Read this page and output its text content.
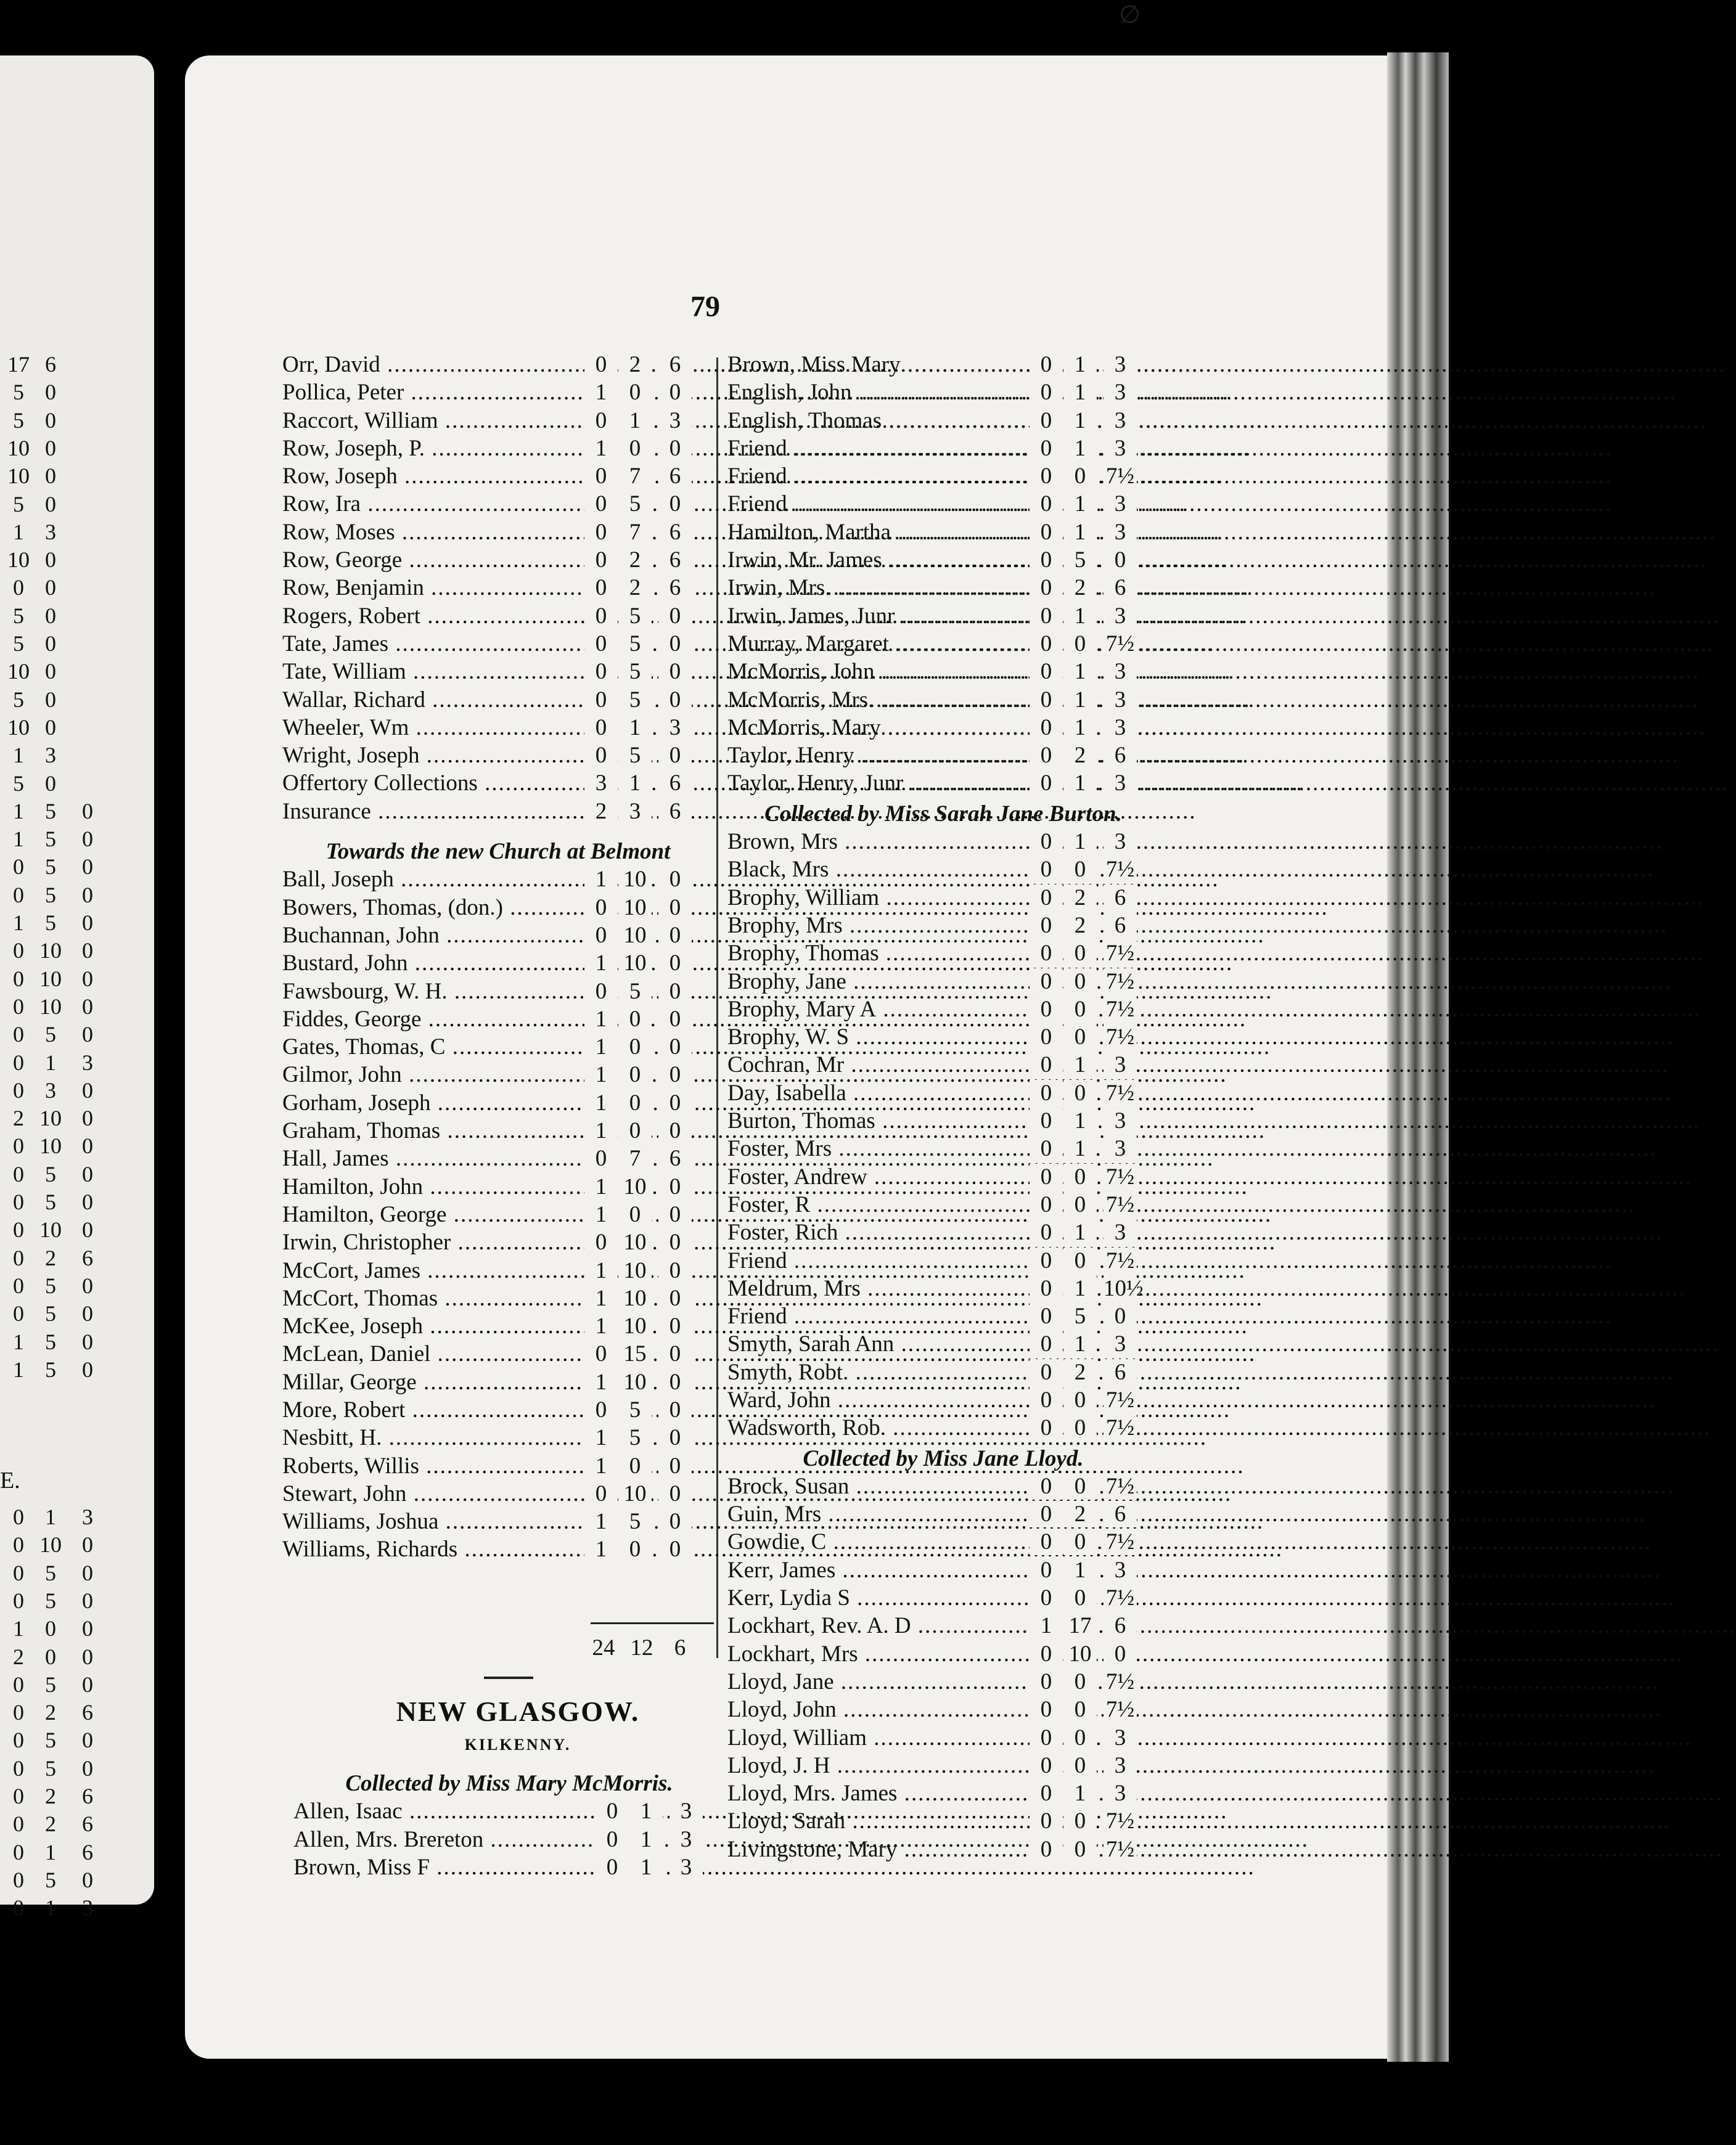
E.
17 6
5 0
5 0
10 0
10 0
5 0
1 3
10 0
0 0
5 0
5 0
10 0
5 0
10 0
1 3
5 0
1 5	0
1 5	0
0 5	0
0 5	0
1 5	0
0 10 0
0 10 0
0 10 0
0 5	0
0 1	3
0 3	0
2 10 0
0 10 0
0 5	0
0 5	0
0 10 0
0 2	6
0 5	0
0 5	0
1 5	0
1 5	0
0 1	3
0 10 0
0 5	0
0 5	0
1 0	0
2 0	0
0 5	0
0 2	6
0 5	0
0 5	0
0 2	6
0 2	6
0 1	6
0 5	0
0 1	3
79
Orr, David .....	0 2	6
Pollica, Peter .....	1 0	0
Raccort, William .....	0 1	3
Row, Joseph, P. .....	1 0	0
Row, Joseph .....	0 7	6
Row, Ira .....	0 5	0
Row, Moses .....	0 7	6
Row, George .....	0 2	6
Row, Benjamin .....	0 2	6
Rogers, Robert .....	0 5	0
Tate, James .....	0 5	0
Tate, William .....	0 5	0
Wallar, Richard .....	0 5	0
Wheeler, Wm .....	0 1	3
Wright, Joseph .....	0 5	0
Offertory Collections .....	3 1	6
Insurance .....	2 3	6
Towards the new Church at Belmont
Ball, Joseph .....	1 10	0
Bowers, Thomas, (don.) .....	0 10	0
Buchannan, John .....	0 10	0
Bustard, John .....	1 10	0
Fawsbourg, W. H. .....	0 5	0
Fiddes, George .....	1 0	0
Gates, Thomas, C .....	1 0	0
Gilmor, John .....	1 0	0
Gorham, Joseph .....	1 0	0
Graham, Thomas .....	1 0	0
Hall, James .....	0 7	6
Hamilton, John .....	1 10	0
Hamilton, George .....	1 0	0
Irwin, Christopher .....	0 10	0
McCort, James .....	1 10	0
McCort, Thomas .....	1 10	0
McKee, Joseph .....	1 10	0
McLean, Daniel .....	0 15	0
Millar, George .....	1 10	0
More, Robert .....	0 5	0
Nesbitt, H. .....	1 5	0
Roberts, Willis .....	1 0	0
Stewart, John .....	0 10	0
Williams, Joshua .....	1 5	0
Williams, Richards .....	1 0	0
24 12 6
NEW GLASGOW.
KILKENNY.
Collected by Miss Mary McMorris.
Allen, Isaac .....	0 1	3
Allen, Mrs. Brereton .....	0 1	3
Brown, Miss F .....	0 1	3
Brown, Miss Mary .....	0 1	3
English, John .....	0 1	3
English, Thomas .....	0 1	3
Friend .....	0 1	3
Friend .....	0 0 7½
Friend .....	0 1	3
Hamilton, Martha .....	0 1	3
Irwin, Mr. James .....	0 5	0
Irwin, Mrs. .....	0 2	6
Irwin, James, Junr .....	0 1	3
Murray, Margaret .....	0 0 7½
McMorris, John .....	0 1	3
McMorris, Mrs. .....	0 1	3
McMorris, Mary .....	0 1	3
Taylor, Henry .....	0 2	6
Taylor, Henry, Junr .....	0 1	3
Collected by Miss Sarah Jane Burton.
Brown, Mrs .....	0 1	3
Black, Mrs .....	0 0 7½
Brophy, William .....	0 2	6
Brophy, Mrs .....	0 2	6
Brophy, Thomas .....	0 0 7½
Brophy, Jane .....	0 0 7½
Brophy, Mary A .....	0 0 7½
Brophy, W. S .....	0 0 7½
Cochran, Mr .....	0 1	3
Day, Isabella .....	0 0 7½
Burton, Thomas .....	0 1	3
Foster, Mrs .....	0 1	3
Foster, Andrew .....	0 0 7½
Foster, R .....	0 0 7½
Foster, Rich .....	0 1	3
Friend .....	0 0 7½
Meldrum, Mrs .....	0 1 10½
Friend .....	0 5	0
Smyth, Sarah Ann .....	0 1	3
Smyth, Robt. .....	0 2	6
Ward, John .....	0 0 7½
Wadsworth, Rob. .....	0 0 7½
Collected by Miss Jane Lloyd.
Brock, Susan .....	0 0 7½
Guin, Mrs .....	0 2	6
Gowdie, C .....	0 0 7½
Kerr, James .....	0 1	3
Kerr, Lydia S .....	0 0 7½
Lockhart, Rev. A. D .....	1 17	6
Lockhart, Mrs .....	0 10	0
Lloyd, Jane .....	0 0 7½
Lloyd, John .....	0 0 7½
Lloyd, William .....	0 0	3
Lloyd, J. H .....	0 0	3
Lloyd, Mrs. James .....	0 1	3
Lloyd, Sarah .....	0 0 7½
Livingstone, Mary .....	0 0 7½
∅
